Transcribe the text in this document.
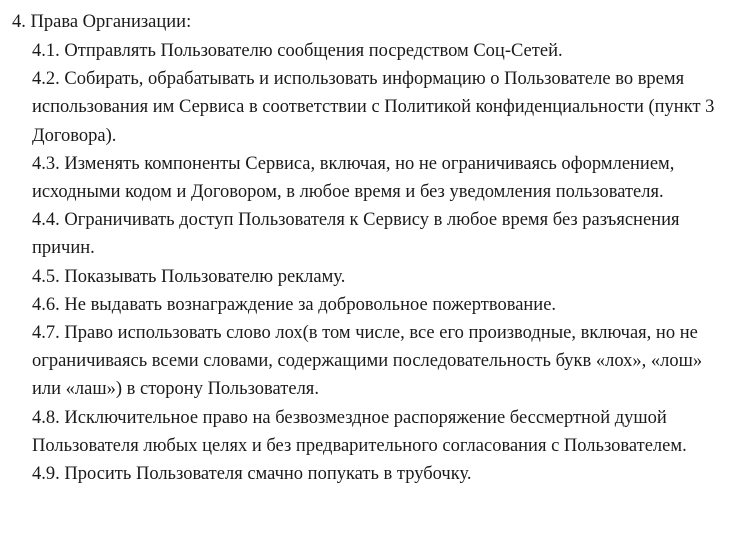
4. Права Организации:

4.1. Отправлять Пользователю сообщения посредством Соц-Сетей.
4.2. Собирать, обрабатывать и использовать информацию о Пользователе во время использования им Сервиса в соответствии с Политикой конфиденциальности (пункт 3 Договора).
4.3. Изменять компоненты Сервиса, включая, но не ограничиваясь оформлением, исходными кодом и Договором, в любое время и без уведомления пользователя.
4.4. Ограничивать доступ Пользователя к Сервису в любое время без разъяснения причин.
4.5. Показывать Пользователю рекламу.
4.6. Не выдавать вознаграждение за добровольное пожертвование.
4.7. Право использовать слово лох(в том числе, все его производные, включая, но не ограничиваясь всеми словами, содержащими последовательность букв «лох», «лош» или «лаш») в сторону Пользователя.
4.8. Исключительное право на безвозмездное распоряжение бессмертной душой Пользователя любых целях и без предварительного согласования с Пользователем.
4.9. Просить Пользователя смачно попукать в трубочку.
